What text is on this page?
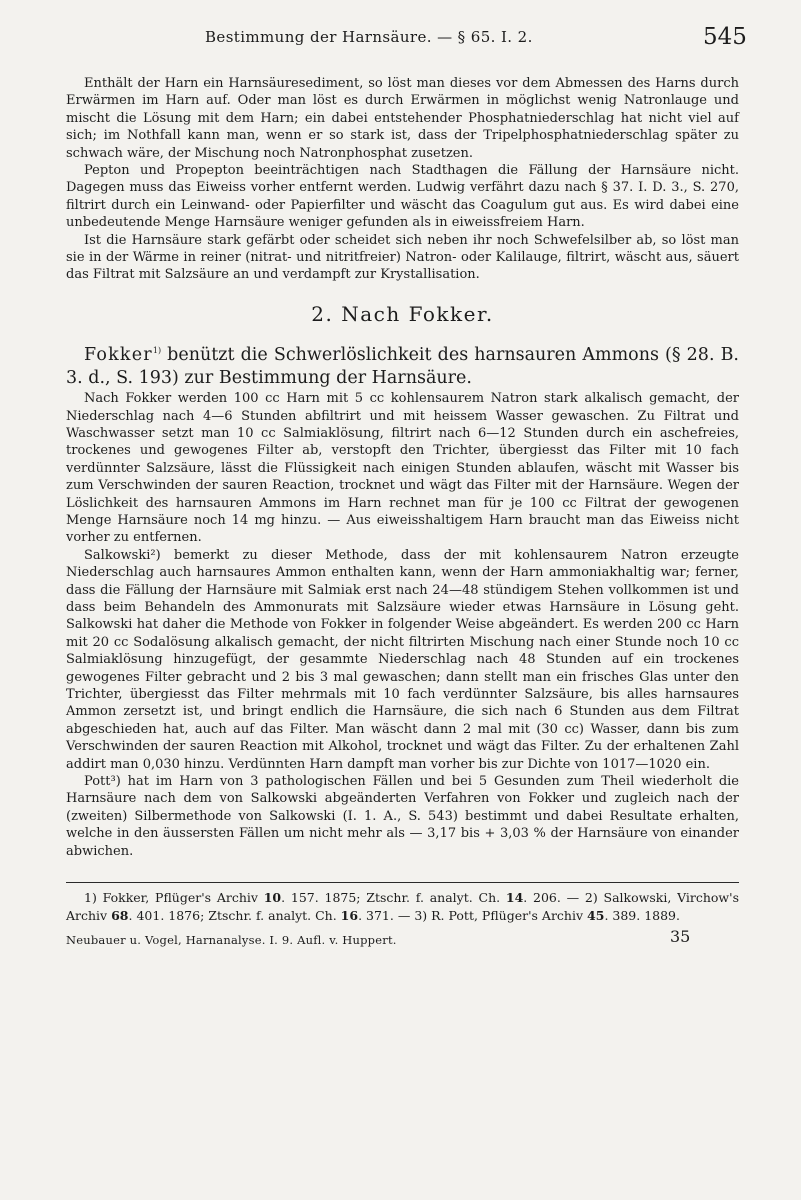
Bestimmung der Harnsäure. — § 65. I. 2.	545

Enthält der Harn ein Harnsäuresediment, so löst man dieses vor dem Abmessen des Harns durch Erwärmen im Harn auf. Oder man löst es durch Erwärmen in möglichst wenig Natronlauge und mischt die Lösung mit dem Harn; ein dabei entstehender Phosphatniederschlag hat nicht viel auf sich; im Nothfall kann man, wenn er so stark ist, dass der Tripelphosphatniederschlag später zu schwach wäre, der Mischung noch Natronphosphat zusetzen.

Pepton und Propepton beeinträchtigen nach Stadthagen die Fällung der Harnsäure nicht. Dagegen muss das Eiweiss vorher entfernt werden. Ludwig verfährt dazu nach § 37. I. D. 3., S. 270, filtrirt durch ein Leinwand- oder Papierfilter und wäscht das Coagulum gut aus. Es wird dabei eine unbedeutende Menge Harnsäure weniger gefunden als in eiweissfreiem Harn.

Ist die Harnsäure stark gefärbt oder scheidet sich neben ihr noch Schwefelsilber ab, so löst man sie in der Wärme in reiner (nitrat- und nitritfreier) Natron- oder Kalilauge, filtrirt, wäscht aus, säuert das Filtrat mit Salzsäure an und verdampft zur Krystallisation.

2. Nach Fokker.

Fokker$^{1)}$ benützt die Schwerlöslichkeit des harnsauren Ammons (§ 28. B. 3. d., S. 193) zur Bestimmung der Harnsäure.

Nach Fokker werden 100 cc Harn mit 5 cc kohlensaurem Natron stark alkalisch gemacht, der Niederschlag nach 4—6 Stunden abfiltrirt und mit heissem Wasser gewaschen. Zu Filtrat und Waschwasser setzt man 10 cc Salmiaklösung, filtrirt nach 6—12 Stunden durch ein aschefreies, trockenes und gewogenes Filter ab, verstopft den Trichter, übergiesst das Filter mit 10 fach verdünnter Salzsäure, lässt die Flüssigkeit nach einigen Stunden ablaufen, wäscht mit Wasser bis zum Verschwinden der sauren Reaction, trocknet und wägt das Filter mit der Harnsäure. Wegen der Löslichkeit des harnsauren Ammons im Harn rechnet man für je 100 cc Filtrat der gewogenen Menge Harnsäure noch 14 mg hinzu. — Aus eiweisshaltigem Harn braucht man das Eiweiss nicht vorher zu entfernen.

Salkowski²) bemerkt zu dieser Methode, dass der mit kohlensaurem Natron erzeugte Niederschlag auch harnsaures Ammon enthalten kann, wenn der Harn ammoniakhaltig war; ferner, dass die Fällung der Harnsäure mit Salmiak erst nach 24—48 stündigem Stehen vollkommen ist und dass beim Behandeln des Ammonurats mit Salzsäure wieder etwas Harnsäure in Lösung geht. Salkowski hat daher die Methode von Fokker in folgender Weise abgeändert. Es werden 200 cc Harn mit 20 cc Sodalösung alkalisch gemacht, der nicht filtrirten Mischung nach einer Stunde noch 10 cc Salmiaklösung hinzugefügt, der gesammte Niederschlag nach 48 Stunden auf ein trockenes gewogenes Filter gebracht und 2 bis 3 mal gewaschen; dann stellt man ein frisches Glas unter den Trichter, übergiesst das Filter mehrmals mit 10 fach verdünnter Salzsäure, bis alles harnsaures Ammon zersetzt ist, und bringt endlich die Harnsäure, die sich nach 6 Stunden aus dem Filtrat abgeschieden hat, auch auf das Filter. Man wäscht dann 2 mal mit (30 cc) Wasser, dann bis zum Verschwinden der sauren Reaction mit Alkohol, trocknet und wägt das Filter. Zu der erhaltenen Zahl addirt man 0,030 hinzu. Verdünnten Harn dampft man vorher bis zur Dichte von 1017—1020 ein.

Pott³) hat im Harn von 3 pathologischen Fällen und bei 5 Gesunden zum Theil wiederholt die Harnsäure nach dem von Salkowski abgeänderten Verfahren von Fokker und zugleich nach der (zweiten) Silbermethode von Salkowski (I. 1. A., S. 543) bestimmt und dabei Resultate erhalten, welche in den äussersten Fällen um nicht mehr als — 3,17 bis + 3,03 % der Harnsäure von einander abwichen.

1) Fokker, Pflüger's Archiv 10. 157. 1875; Ztschr. f. analyt. Ch. 14. 206. — 2) Salkowski, Virchow's Archiv 68. 401. 1876; Ztschr. f. analyt. Ch. 16. 371. — 3) R. Pott, Pflüger's Archiv 45. 389. 1889.

Neubauer u. Vogel, Harnanalyse. I. 9. Aufl. v. Huppert.	35
